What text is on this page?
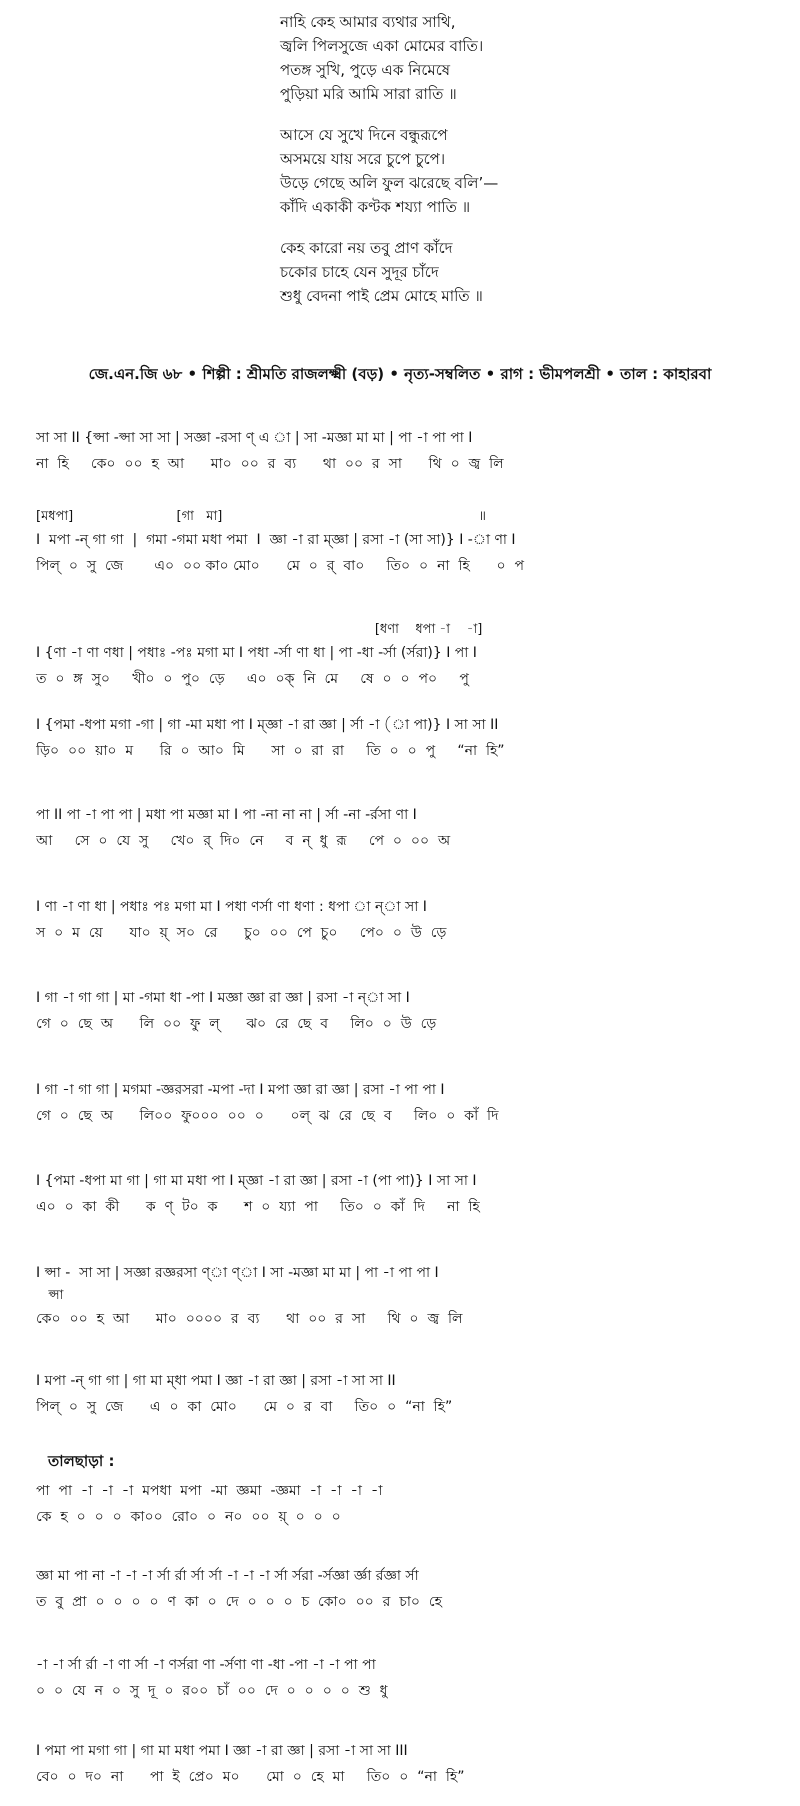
নাহি কেহ আমার ব্যথার সাথি,
জ্বলি পিলসুজে একা মোমের বাতি।
পতঙ্গ সুখি, পুড়ে এক নিমেষে
পুড়িয়া মরি আমি সারা রাতি ॥
আসে যে সুখে দিনে বন্ধুরূপে
অসময়ে যায় সরে চুপে চুপে।
উড়ে গেছে অলি ফুল ঝরেছে বলি’—
কাঁদি একাকী কণ্টক শয্যা পাতি ॥
কেহ কারো নয় তবু প্রাণ কাঁদে
চকোর চাহে যেন সুদূর চাঁদে
শুধু বেদনা পাই প্রেম মোহে মাতি ॥
জে.এন.জি ৬৮ • শিল্পী : শ্রীমতি রাজলক্ষ্মী (বড়) • নৃত্য-সম্বলিত • রাগ : ভীমপলশ্রী • তাল : কাহারবা
সা সা II {প্সা -প্সা সা সা | সজ্ঞা -রসা ণ্ এ া | সা -মজ্ঞা মা মা | পা -া পা পা I
না  হি     কে০  ০০  হ  আ      মা০  ০০  র  ব্য      থা  ০০  র  সা      থি  ০  জ্ব  লি
[মধপা]                         [গা   মা]                                                              ॥
I  মপা -ন্ গা গা  |  গমা -গমা মধা পমা  I  জ্ঞা -া রা ম্জ্ঞা | রসা -া (সা সা)} I -া ণা I
পিল্  ০  সু  জে       এ০  ০০ কা০ মো০      মে  ০  র্  বা০     তি০  ০  না  হি      ০  প
[ধণা    ধপা -া    -া]
I {ণা -া ণা ণধা | পধাঃ -পঃ মগা মা I পধা -র্সা ণা ধা | পা -ধা -র্সা (র্সরা)} I পা I
ত  ০  ঙ্গ  সু০     খী০  ০  পু০  ড়ে     এ০  ০ক্  নি  মে     ষে  ০  ০  প০     পু
I {পমা -ধপা মগা -গা | গা -মা মধা পা I ম্জ্ঞা -া রা জ্ঞা | র্সা -া (া পা)} I সা সা II
ড়ি০  ০০  য়া০  ম      রি  ০  আ০  মি      সা  ০  রা  রা     তি  ০  ০  পু     “না  হি”
পা II পা -া পা পা | মধা পা মজ্ঞা মা I পা -না না না | র্সা -না -র্রসা ণা I
আ     সে  ০  যে  সু     খে০  র্  দি০  নে     ব  ন্  ধু  রূ     পে  ০  ০০  অ
I ণা -া ণা ধা | পধাঃ পঃ মগা মা I পধা ণর্সা ণা ধণা : ধপা া ন্া সা I
স  ০  ম  য়ে      যা০  য়্  স০  রে      চু০  ০০  পে  চু০     পে০  ০  উ  ড়ে
I গা -া গা গা | মা -গমা ধা -পা I মজ্ঞা জ্ঞা রা জ্ঞা | রসা -া ন্া সা I
গে  ০  ছে  অ      লি  ০০  ফু  ল্      ঝ০  রে  ছে  ব     লি০  ০  উ  ড়ে
I গা -া গা গা | মগমা -জ্ঞরসরা -মপা -দা I মপা জ্ঞা রা জ্ঞা | রসা -া পা পা I
গে  ০  ছে  অ      লি০০  ফু০০০  ০০  ০      ০ল্  ঝ  রে  ছে  ব     লি০  ০  কাঁ  দি
I {পমা -ধপা মা গা | গা মা মধা পা I ম্জ্ঞা -া রা জ্ঞা | রসা -া (পা পা)} I সা সা I
এ০  ০  কা  কী      ক  ণ্  ট০  ক      শ  ০  য্যা  পা     তি০  ০  কাঁ  দি     না  হি
I প্সা -  সা সা | সজ্ঞা রজ্ঞরসা ণ্া ণ্া I সা -মজ্ঞা মা মা | পা -া পা পা I
প্সা
কে০  ০০  হ  আ      মা০  ০০০০  র  ব্য      থা  ০০  র  সা     থি  ০  জ্ব  লি
I মপা -ন্ গা গা | গা মা ম্ধা পমা I জ্ঞা -া রা জ্ঞা | রসা -া সা সা II
পিল্  ০  সু  জে      এ  ০  কা  মো০      মে  ০  র  বা     তি০  ০  “না  হি”
তালছাড়া :
পা  পা  -া  -া  -া  মপধা  মপা  -মা  জ্ঞমা  -জ্ঞমা  -া  -া  -া  -া
কে  হ  ০  ০  ০  কা০০  রো০  ০  ন০  ০০  য়্  ০  ০  ০
জ্ঞা মা পা না -া -া -া র্সা র্রা র্সা র্সা -া -া -া র্সা র্সরা -র্সজ্ঞা র্জ্ঞা র্রজ্ঞা র্সা
ত  বু  প্রা  ০  ০  ০  ০  ণ  কা  ০  দে  ০  ০  ০  চ  কো০  ০০  র  চা০  হে
-া -া র্সা র্রা -া ণা র্সা -া ণর্সরা ণা -র্সণা ণা -ধা -পা -া -া পা পা
০  ০  যে  ন  ০  সু  দূ  ০  র০০  চাঁ  ০০  দে  ০  ০  ০  ০  শু  ধু
I পমা পা মগা গা | গা মা মধা পমা I জ্ঞা -া রা জ্ঞা | রসা -া সা সা III
বে০  ০  দ০  না      পা  ই  প্রে০  ম০      মো  ০  হে  মা     তি০  ০  “না  হি”
